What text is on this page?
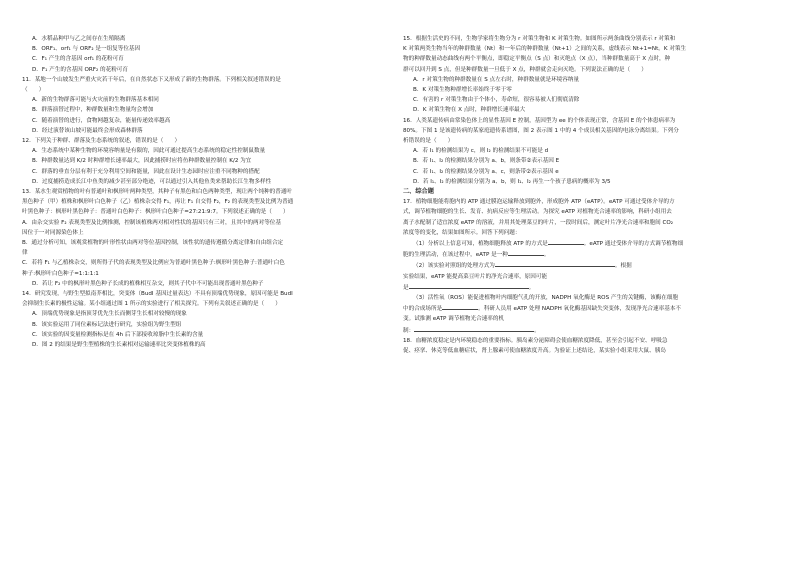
A．水稻品种甲与乙之间存在生殖隔离
B．ORF₁、orf₁ 与 ORF₂ 是一组复等位基因
C．F₁ 产生的含基因 orf₁ 的花粉可育
D．F₁ 产生的含基因 ORF₂ 的花粉可育
11．某地一个山坡发生严重火灾若干年后，在自然状态下又形成了新的生物群落。下列相关叙述错误的是
（　　）
A．新的生物群落可能与火灾前的生物群落基本相同
B．群落演替过程中，种群数量和生物量均会增加
C．随着演替的进行，食物网越复杂，能量传递效率越高
D．经过演替该山坡可能最终会形成森林群落
12．下列关于种群、群落及生态系统的叙述，错误的是（　　）
A．生态系统中某种生物的环境容纳量是有限的，因此可通过提高生态系统的稳定性控制鼠数量
B．种群数量达到 K/2 时种群增长速率最大，因此捕捞时应将鱼种群数量控制在 K/2 为宜
C．群落的垂直分层有利于充分利用空间和能量，因此在设计生态园时应注重不同物种的搭配
D．过度捕捞造成长江中鱼类的减少甚至部分绝迹，可以通过引入其他鱼类来帮助长江生物多样性
13．某水生观赏植物的叶有普通叶和枫形叶两种类型，其种子有黑色和白色两种类型，现让两个纯种的普通叶
黑色种子（甲）植株和枫形叶白色种子（乙）植株杂交得 F₁，再让 F₁ 自交得 F₂，F₂ 的表现类型及比例为普通
叶黑色种子：枫形叶黑色种子：普通叶白色种子：枫形叶白色种子=27:21:9:7。下列叙述正确的是（　　）
A．由杂交实验 F₂ 表现类型及比例推测，控制该植株两对相对性状的基因只有三对，且其中的两对等位基
因位于一对同源染色体上
B．通过分析可知，该观赏植物的叶形性状由两对等位基因控制，该性状的遗传遵循分离定律和自由组合定
律
C．若将 F₁ 与乙植株杂交，则所得子代的表现类型及比例应为普通叶黑色种子:枫形叶黑色种子:普通叶白色
种子:枫形叶白色种子=1:1:1:1
D．若让 F₂ 中的枫形叶黑色种子长成的植株相互杂交，则其子代中不可能出现普通叶黑色种子
14．研究发现，与野生型拟南芥相比，突变体（BudI 基因过量表达）不具有顶端优势现象，原因可能是 BudI
会抑制生长素的极性运输。某小组通过图 1 所示的实验进行了相关探究。下列有关叙述正确的是（　　）
A．顶端优势现象是指顶芽优先生长而侧芽生长相对较慢的现象
B．该实验运用了同位素标记法进行研究，实验组为野生型组
C．该实验的因变量检测指标是在 4h 后下部接收琼脂中生长素的含量
D．图 2 的结果是野生型植株的生长素相对运输速率比突变体植株的高
15．根据生活史的不同，生物学家将生物分为 r 对策生物和 K 对策生物。如图所示两条曲线分别表示 r 对策和
K 对策两类生物当年的种群数量（Nt）和一年后的种群数量（Nt+1）之间的关系，虚线表示 Nt+1=Nt。K 对策生
物的种群数量动态曲线有两个平衡点，即稳定平衡点（S 点）和灭绝点（X 点），当种群数量高于 X 点时，种
群可以回升到 S 点，但是种群数量一旦低于 X 点，种群就会走向灭绝。下列说法正确的是（　　）
A．r 对策生物的种群数量在 S 点左右时，种群数量就是环境容纳量
B．K 对策生物种群增长率始终于零于零
C．有害的 r 对策生物由于个体小，寿命短，很容易被人们彻底清除
D．K 对策生物在 X 点时，种群增长速率最大
16．人类某遗传病由常染色体上的显性基因 E 控制，基因型为 ee 的个体表现正常，含基因 E 的个体患病率为
80%。下图 1 是该遗传病的某家庭遗传系谱图，图 2 表示图 1 中的 4 个成员相关基因的电泳分离结果。下列分
析错误的是（　　）
A．若 I₁ 的检测结果为 c，则 I₂ 的检测结果不可能是 d
B．若 I₁、I₂ 的检测结果分别为 a、b，则条带②表示基因 E
C．若 I₁、I₂ 的检测结果分别为 a、c，则条带②表示基因 e
D．若 I₁、I₂ 的检测结果分别为 a、b，则 I₁、I₂ 再生一个孩子患病的概率为 3/5
二、综合题
17．植物细胞能将胞内的 ATP 通过膜泡运输释放到胞外，形成胞外 ATP（eATP）。eATP 可通过受体介导的方
式，调节植物细胞的生长、发育、抗病反应等生理活动。为探究 eATP 对植物光合速率的影响，科研小组用去
离子水配制了适宜浓度 eATP 的溶液，并用其处理菜豆的叶片，一段时间后，测定叶片净光合速率和胞间 CO₂
浓度等的变化，结果如图所示。回答下列问题：
（1）分析以上信息可知，植物细胞释放 ATP 的方式是	。eATP 通过受体介导的方式调节植物细
胞的生理活动，在该过程中，eATP 是一种	。
（2）该实验对照组的处理方式为	。根据
实验结果，eATP 能提高菜豆叶片的净光合速率，原因可能
是	。
（3）活性氧（ROS）能促进植物叶内细胞气孔的开放，NADPH 氧化酶是 ROS 产生的关键酶，该酶在细胞
中的合成场所是	。科研人员用 eATP 处理 NADPH 氧化酶基因缺失突变体，发现净光合速率基本不
变。试推测 eATP 调节植物光合速率的机
制：	。
18．血糖浓度稳定是内环境稳态的重要指标。胰岛素分泌障碍会使血糖浓度降低，甚至会引起不安、呼吸急
促、痉挛、休克等低血糖症状，肾上腺素可使血糖浓度升高。为验证上述结论，某实验小组采用大鼠、胰岛
